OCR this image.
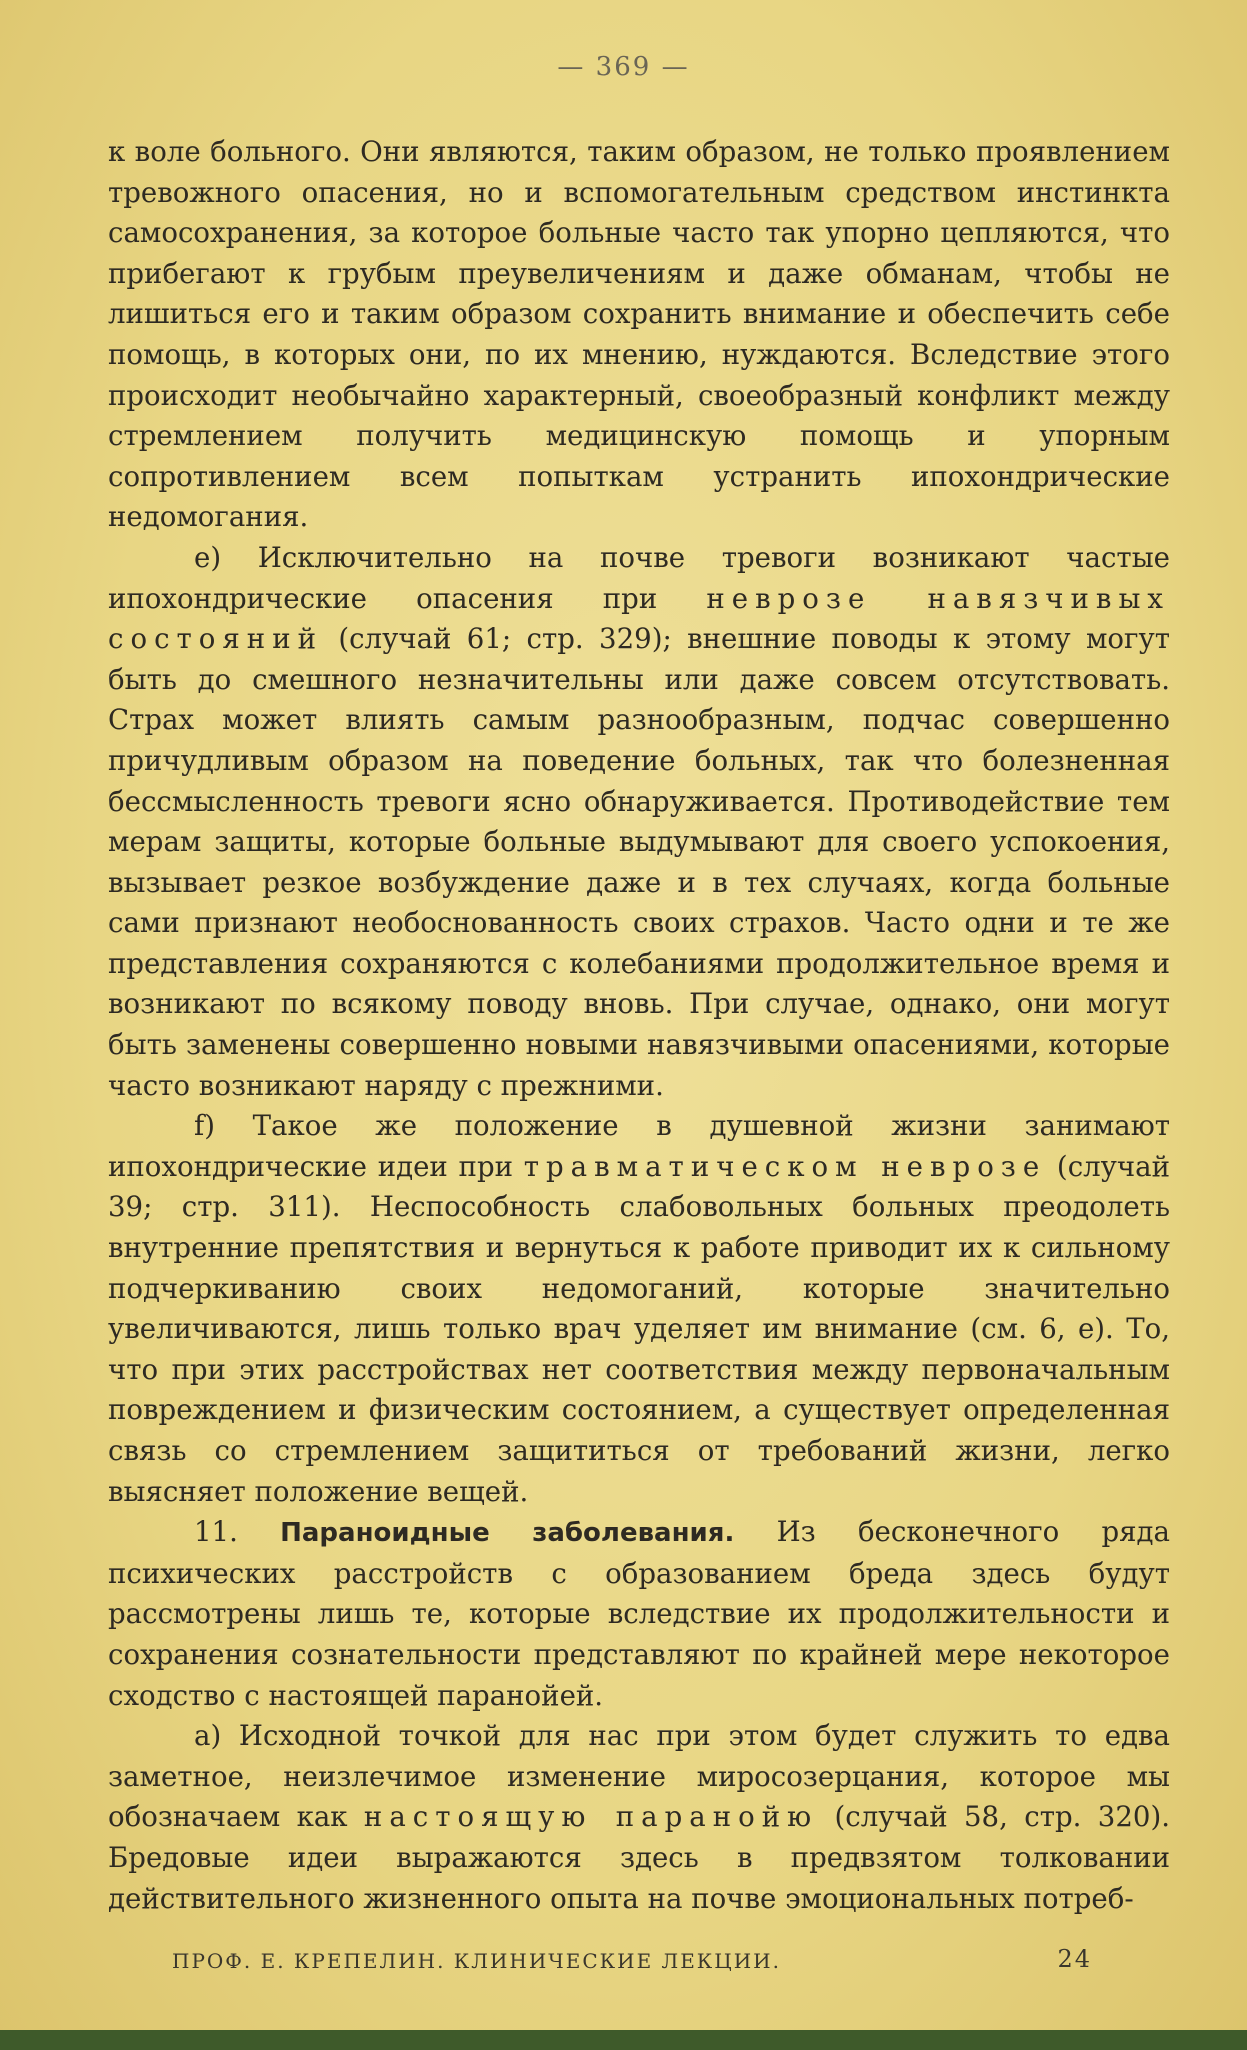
— 369 —

к воле больного. Они являются, таким образом, не только проявлением тревожного опасения, но и вспомогательным средством инстинкта самосохранения, за которое больные часто так упорно цепляются, что прибегают к грубым преувеличениям и даже обманам, чтобы не лишиться его и таким образом сохранить внимание и обеспечить себе помощь, в которых они, по их мнению, нуждаются. Вследствие этого происходит необычайно характерный, своеобразный конфликт между стремлением получить медицинскую помощь и упорным сопротивлением всем попыткам устранить ипохондрические недомогания.

е) Исключительно на почве тревоги возникают частые ипохондрические опасения при неврозе навязчивых состояний (случай 61; стр. 329); внешние поводы к этому могут быть до смешного незначительны или даже совсем отсутствовать. Страх может влиять самым разнообразным, подчас совершенно причудливым образом на поведение больных, так что болезненная бессмысленность тревоги ясно обнаруживается. Противодействие тем мерам защиты, которые больные выдумывают для своего успокоения, вызывает резкое возбуждение даже и в тех случаях, когда больные сами признают необоснованность своих страхов. Часто одни и те же представления сохраняются с колебаниями продолжительное время и возникают по всякому поводу вновь. При случае, однако, они могут быть заменены совершенно новыми навязчивыми опасениями, которые часто возникают наряду с прежними.

f) Такое же положение в душевной жизни занимают ипохондрические идеи при травматическом неврозе (случай 39; стр. 311). Неспособность слабовольных больных преодолеть внутренние препятствия и вернуться к работе приводит их к сильному подчеркиванию своих недомоганий, которые значительно увеличиваются, лишь только врач уделяет им внимание (см. 6, е). То, что при этих расстройствах нет соответствия между первоначальным повреждением и физическим состоянием, а существует определенная связь со стремлением защититься от требований жизни, легко выясняет положение вещей.

11. Параноидные заболевания. Из бесконечного ряда психических расстройств с образованием бреда здесь будут рассмотрены лишь те, которые вследствие их продолжительности и сохранения сознательности представляют по крайней мере некоторое сходство с настоящей паранойей.

а) Исходной точкой для нас при этом будет служить то едва заметное, неизлечимое изменение миросозерцания, которое мы обозначаем как настоящую паранойю (случай 58, стр. 320). Бредовые идеи выражаются здесь в предвзятом толковании действительного жизненного опыта на почве эмоциональных потреб-

ПРОФ. Е. КРЕПЕЛИН. КЛИНИЧЕСКИЕ ЛЕКЦИИ.	24
